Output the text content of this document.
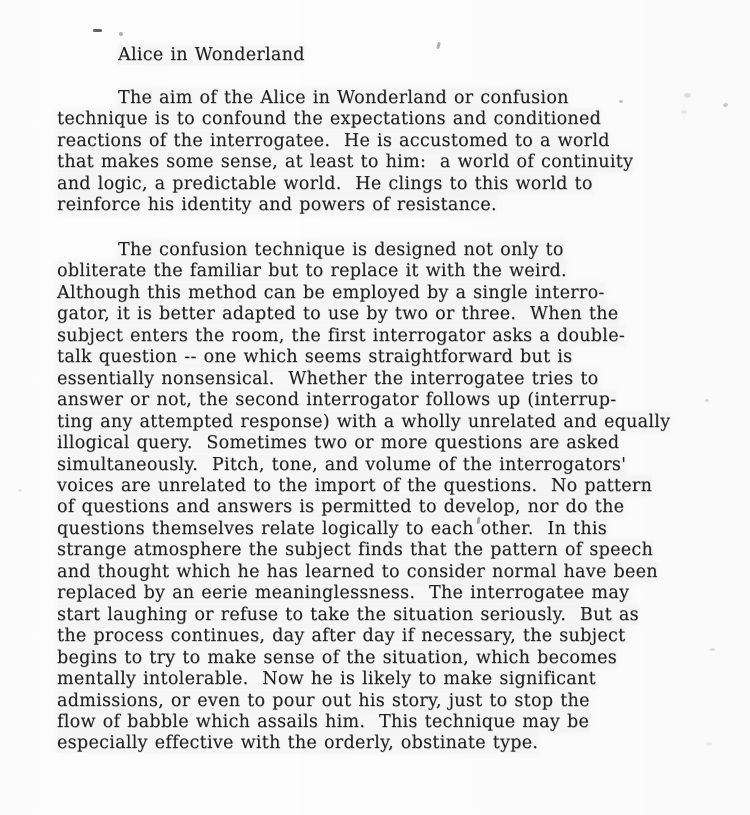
Alice in Wonderland
The aim of the Alice in Wonderland or confusion
technique is to confound the expectations and conditioned
reactions of the interrogatee.  He is accustomed to a world
that makes some sense, at least to him:  a world of continuity
and logic, a predictable world.  He clings to this world to
reinforce his identity and powers of resistance.
The confusion technique is designed not only to
obliterate the familiar but to replace it with the weird.
Although this method can be employed by a single interro-
gator, it is better adapted to use by two or three.  When the
subject enters the room, the first interrogator asks a double-
talk question -- one which seems straightforward but is
essentially nonsensical.  Whether the interrogatee tries to
answer or not, the second interrogator follows up (interrup-
ting any attempted response) with a wholly unrelated and equally
illogical query.  Sometimes two or more questions are asked
simultaneously.  Pitch, tone, and volume of the interrogators'
voices are unrelated to the import of the questions.  No pattern
of questions and answers is permitted to develop, nor do the
questions themselves relate logically to each other.  In this
strange atmosphere the subject finds that the pattern of speech
and thought which he has learned to consider normal have been
replaced by an eerie meaninglessness.  The interrogatee may
start laughing or refuse to take the situation seriously.  But as
the process continues, day after day if necessary, the subject
begins to try to make sense of the situation, which becomes
mentally intolerable.  Now he is likely to make significant
admissions, or even to pour out his story, just to stop the
flow of babble which assails him.  This technique may be
especially effective with the orderly, obstinate type.
